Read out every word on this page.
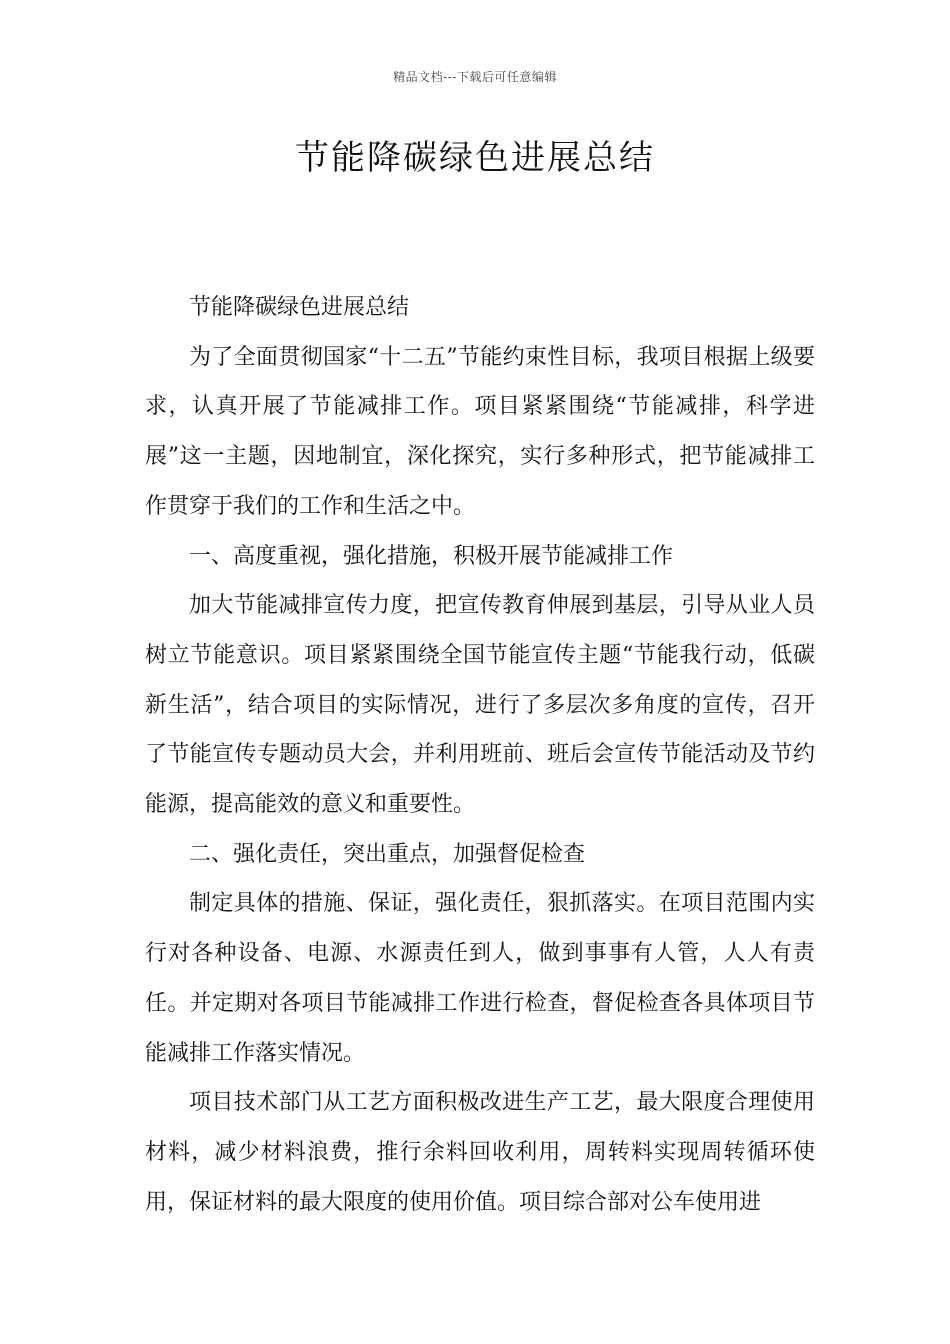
精品文档---下载后可任意编辑
节能降碳绿色进展总结

节能降碳绿色进展总结

为了全面贯彻国家“十二五”节能约束性目标，我项目根据上级要求，认真开展了节能减排工作。项目紧紧围绕“节能减排，科学进展”这一主题，因地制宜，深化探究，实行多种形式，把节能减排工作贯穿于我们的工作和生活之中。

一、高度重视，强化措施，积极开展节能减排工作

加大节能减排宣传力度，把宣传教育伸展到基层，引导从业人员树立节能意识。项目紧紧围绕全国节能宣传主题“节能我行动，低碳新生活”，结合项目的实际情况，进行了多层次多角度的宣传，召开了节能宣传专题动员大会，并利用班前、班后会宣传节能活动及节约能源，提高能效的意义和重要性。

二、强化责任，突出重点，加强督促检查

制定具体的措施、保证，强化责任，狠抓落实。在项目范围内实行对各种设备、电源、水源责任到人，做到事事有人管，人人有责任。并定期对各项目节能减排工作进行检查，督促检查各具体项目节能减排工作落实情况。

项目技术部门从工艺方面积极改进生产工艺，最大限度合理使用材料，减少材料浪费，推行余料回收利用，周转料实现周转循环使用，保证材料的最大限度的使用价值。项目综合部对公车使用进
